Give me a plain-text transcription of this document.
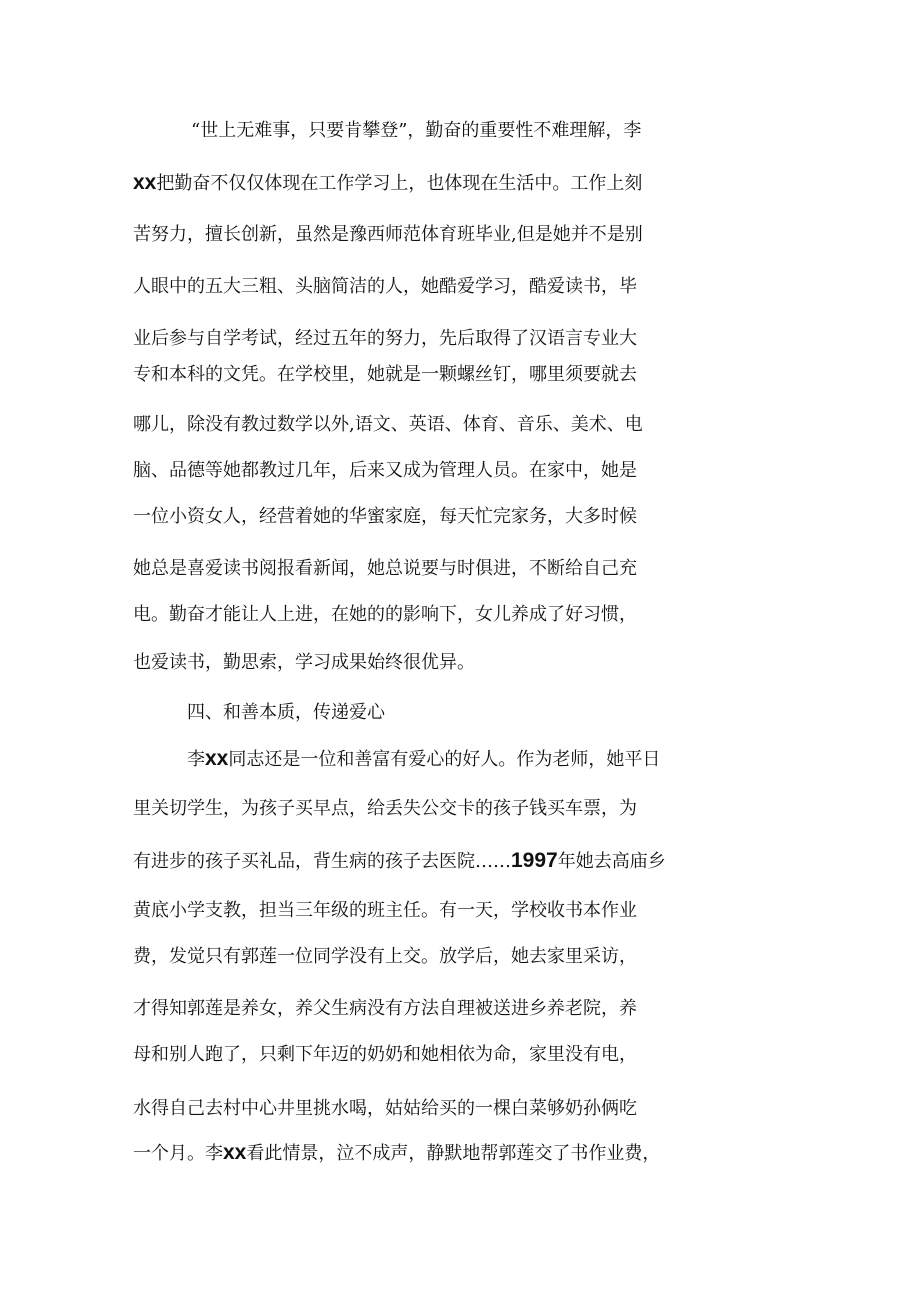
“世上无难事，只要肯攀登”，勤奋的重要性不难理解，李
xx把勤奋不仅仅体现在工作学习上，也体现在生活中。工作上刻
苦努力，擅长创新，虽然是豫西师范体育班毕业,但是她并不是别
人眼中的五大三粗、头脑简洁的人，她酷爱学习，酷爱读书，毕
业后参与自学考试，经过五年的努力，先后取得了汉语言专业大
专和本科的文凭。在学校里，她就是一颗螺丝钉，哪里须要就去
哪儿，除没有教过数学以外,语文、英语、体育、音乐、美术、电
脑、品德等她都教过几年，后来又成为管理人员。在家中，她是
一位小资女人，经营着她的华蜜家庭，每天忙完家务，大多时候
她总是喜爱读书阅报看新闻，她总说要与时俱进，不断给自己充
电。勤奋才能让人上进，在她的的影响下，女儿养成了好习惯，
也爱读书，勤思索，学习成果始终很优异。
四、和善本质，传递爱心
李xx同志还是一位和善富有爱心的好人。作为老师，她平日
里关切学生，为孩子买早点，给丢失公交卡的孩子钱买车票，为
有进步的孩子买礼品，背生病的孩子去医院……1997年她去高庙乡
黄底小学支教，担当三年级的班主任。有一天，学校收书本作业
费，发觉只有郭莲一位同学没有上交。放学后，她去家里采访，
才得知郭莲是养女，养父生病没有方法自理被送进乡养老院，养
母和别人跑了，只剩下年迈的奶奶和她相依为命，家里没有电，
水得自己去村中心井里挑水喝，姑姑给买的一棵白菜够奶孙俩吃
一个月。李xx看此情景，泣不成声，静默地帮郭莲交了书作业费，
